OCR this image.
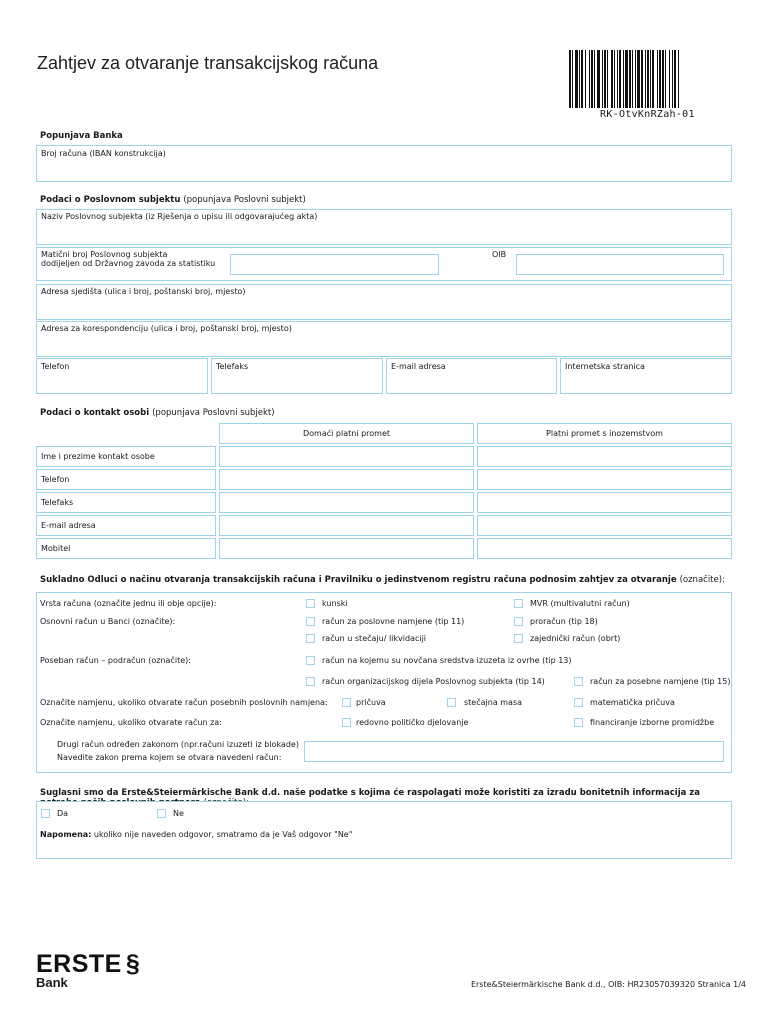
Zahtjev za otvaranje transakcijskog računa
RK-OtvKnRZah-01
Popunjava Banka
Broj računa (IBAN konstrukcija)
Podaci o Poslovnom subjektu (popunjava Poslovni subjekt)
Naziv Poslovnog subjekta (iz Rješenja o upisu ili odgovarajućeg akta)
Matični broj Poslovnog subjekta
dodijeljen od Državnog zavoda za statistiku
OIB
Adresa sjedišta (ulica i broj, poštanski broj, mjesto)
Adresa za korespondenciju (ulica i broj, poštanski broj, mjesto)
Telefon	Telefaks	E-mail adresa	Internetska stranica
Podaci o kontakt osobi (popunjava Poslovni subjekt)
Domaći platni promet	Platni promet s inozemstvom
Ime i prezime kontakt osobe
Telefon
Telefaks
E-mail adresa
Mobitel
Sukladno Odluci o načinu otvaranja transakcijskih računa i Pravilniku o jedinstvenom registru računa podnosim zahtjev za otvaranje (označite):
Vrsta računa (označite jednu ili obje opcije):	kunski	MVR (multivalutni račun)
Osnovni račun u Banci (označite):	račun za poslovne namjene (tip 11)	proračun (tip 18)
račun u stečaju/ likvidaciji	zajednički račun (obrt)
Poseban račun – podračun (označite):	račun na kojemu su novčana sredstva izuzeta iz ovrhe (tip 13)
račun organizacijskog dijela Poslovnog subjekta (tip 14)	račun za posebne namjene (tip 15)
Označite namjenu, ukoliko otvarate račun posebnih poslovnih namjena:	pričuva	stečajna masa	matematička pričuva
Označite namjenu, ukoliko otvarate račun za:	redovno političko djelovanje	financiranje izborne promidžbe
Drugi račun određen zakonom (npr.računi izuzeti iz blokade)
Navedite zakon prema kojem se otvara navedeni račun:
Suglasni smo da Erste&Steiermärkische Bank d.d. naše podatke s kojima će raspolagati može koristiti za izradu bonitetnih informacija za
Da	Ne
Napomena: ukoliko nije naveden odgovor, smatramo da je Vaš odgovor "Ne"
ERSTE §
Bank	Erste&Steiermärkische Bank d.d., OIB: HR23057039320 Stranica 1/4
